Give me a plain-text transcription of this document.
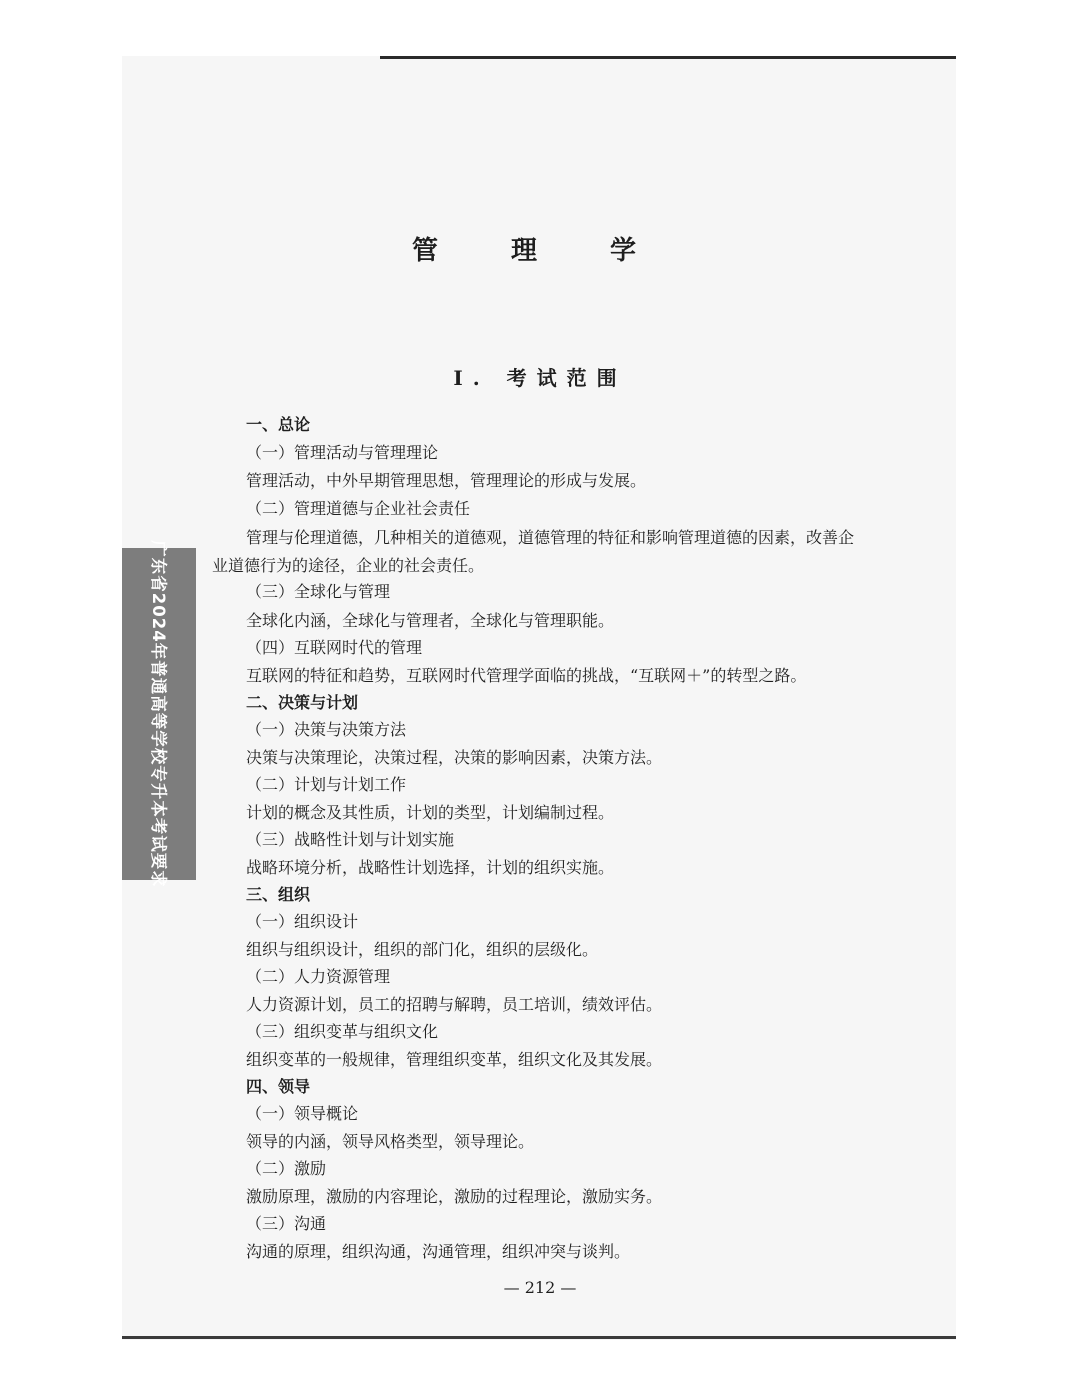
管 理 学
Ⅰ. 考试范围
广东省2024年普通高等学校专升本考试要求
一、总论
（一）管理活动与管理理论
管理活动，中外早期管理思想，管理理论的形成与发展。
（二）管理道德与企业社会责任
管理与伦理道德，几种相关的道德观，道德管理的特征和影响管理道德的因素，改善企
业道德行为的途径，企业的社会责任。
（三）全球化与管理
全球化内涵，全球化与管理者，全球化与管理职能。
（四）互联网时代的管理
互联网的特征和趋势，互联网时代管理学面临的挑战，“互联网＋”的转型之路。
二、决策与计划
（一）决策与决策方法
决策与决策理论，决策过程，决策的影响因素，决策方法。
（二）计划与计划工作
计划的概念及其性质，计划的类型，计划编制过程。
（三）战略性计划与计划实施
战略环境分析，战略性计划选择，计划的组织实施。
三、组织
（一）组织设计
组织与组织设计，组织的部门化，组织的层级化。
（二）人力资源管理
人力资源计划，员工的招聘与解聘，员工培训，绩效评估。
（三）组织变革与组织文化
组织变革的一般规律，管理组织变革，组织文化及其发展。
四、领导
（一）领导概论
领导的内涵，领导风格类型，领导理论。
（二）激励
激励原理，激励的内容理论，激励的过程理论，激励实务。
（三）沟通
沟通的原理，组织沟通，沟通管理，组织冲突与谈判。
— 212 —
